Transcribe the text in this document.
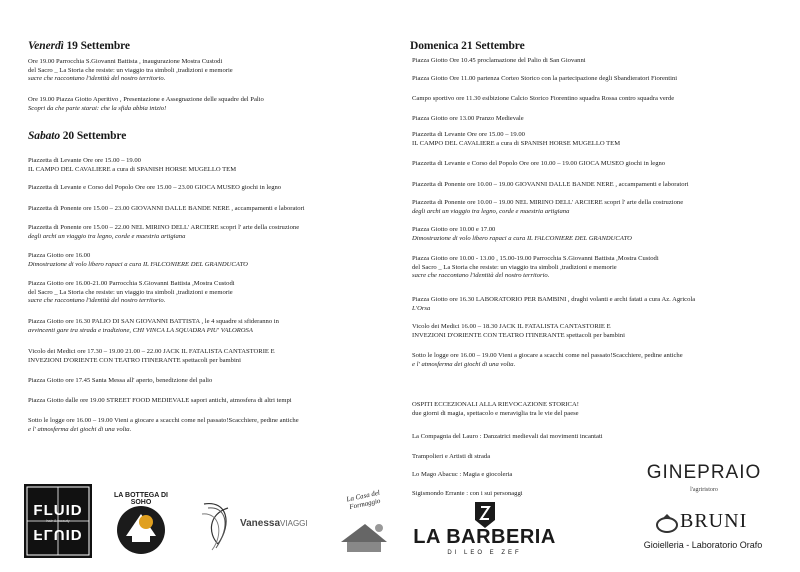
Venerdì 19 Settembre
Ore 19.00 Parrocchia S.Giovanni Battista , inaugurazione Mostra Custodi
del Sacro _ La Storia che resiste: un viaggio tra simboli ,tradizioni e memorie
sacre che raccontano l'identità del nostro territorio.
Ore 19.00 Piazza Giotto Aperitivo , Presentazione e Assegnazione delle squadre del Palio
Scopri da che parte starai: che la sfida abbia inizio!
Sabato 20 Settembre
Piazzetta di Levante Ore ore 15.00 – 19.00
IL CAMPO DEL CAVALIERE a cura di SPANISH HORSE MUGELLO TEM
Piazzetta di Levante e Corso del Popolo Ore ore 15.00 – 23.00 GIOCA MUSEO giochi in legno
Piazzetta di Ponente ore 15.00 – 23.00 GIOVANNI DALLE BANDE NERE , accampamenti e laboratori
Piazzetta di Ponente ore 15.00 – 22.00 NEL MIRINO DELL' ARCIERE scopri l' arte della costruzione
degli archi un viaggio tra legno, corde e maestria artigiana
Piazza Giotto ore 16.00
Dimostrazione di volo libero rapaci a cura IL FALCONIERE DEL GRANDUCATO
Piazza Giotto ore 16.00-21.00 Parrocchia S.Giovanni Battista ,Mostra Custodi
del Sacro _ La Storia che resiste: un viaggio tra simboli ,tradizioni e memorie
sacre che raccontano l'identità del nostro territorio.
Piazza Giotto ore 16.30 PALIO DI SAN GIOVANNI BATTISTA , le 4 squadre si sfideranno in
avvincenti gare tra strada e tradizione, CHI VINCA LA SQUADRA PIU' VALOROSA
Vicolo dei Medici ore 17.30 – 19.00 21.00 – 22.00 JACK IL FATALISTA CANTASTORIE E
INVEZIONI D'ORIENTE CON TEATRO ITINERANTE spettacoli per bambini
Piazza Giotto ore 17.45 Santa Messa all' aperto, benedizione del palio
Piazza Giotto dalle ore 19.00 STREET FOOD MEDIEVALE sapori antichi, atmosfera di altri tempi
Sotto le logge ore 16.00 – 19.00 Vieni a giocare a scacchi come nel passato!Scacchiere, pedine antiche
e l' atmosferma dei giochi di una volta.
Domenica 21 Settembre
Piazza Giotto Ore 10.45 proclamazione del Palio di San Giovanni
Piazza Giotto Ore 11.00 partenza Corteo Storico con la partecipazione degli Sbandieratori Fiorentini
Campo sportivo ore 11.30 esibizione Calcio Storico Fiorentino squadra Rossa contro squadra verde
Piazza Giotto ore 13.00 Pranzo Medievale
Piazzetta di Levante Ore ore 15.00 – 19.00
IL CAMPO DEL CAVALIERE a cura di SPANISH HORSE MUGELLO TEM
Piazzetta di Levante e Corso del Popolo Ore ore 10.00 – 19.00 GIOCA MUSEO giochi in legno
Piazzetta di Ponente ore 10.00 – 19.00 GIOVANNI DALLE BANDE NERE , accampamenti e laboratori
Piazzetta di Ponente ore 10.00 – 19.00 NEL MIRINO DELL' ARCIERE scopri l' arte della costruzione
degli archi un viaggio tra legno, corde e maestria artigiana
Piazza Giotto ore 10.00 e 17.00
Dimostrazione di volo libero rapaci a cura IL FALCONIERE DEL GRANDUCATO
Piazza Giotto ore 10.00 - 13.00 , 15.00-19.00 Parrocchia S.Giovanni Battista ,Mostra Custodi
del Sacro _ La Storia che resiste: un viaggio tra simboli ,tradizioni e memorie
sacre che raccontano l'identità del nostro territorio.
Piazza Giotto ore 16.30 LABORATORIO PER BAMBINI , draghi volanti e archi fatati a cura Az. Agricola
L'Orsa
Vicolo dei Medici 16.00 – 18.30 JACK IL FATALISTA CANTASTORIE E
INVEZIONI D'ORIENTE CON TEATRO ITINERANTE spettacoli per bambini
Sotto le logge ore 16.00 – 19.00 Vieni a giocare a scacchi come nel passato!Scacchiere, pedine antiche
e l' atmosferma dei giochi di una volta.
OSPITI ECCEZIONALI ALLA RIEVOCAZIONE STORICA!
due giorni di magia, spettacolo e meraviglia tra le vie del paese
La Compagnia del Lauro : Danzatrici medievali dai movimenti incantati
Trampolieri e Artisti di strada
Lo Mago Abacuc : Magia e giocoleria
Sigismondo Errante : con i sui personaggi
FLUID
FLUID
hair & beauty
LA BOTTEGA DI SOHO
VanessaVIAGGI
La Casa del Formaggio
LA BARBERIA
DI LEO E ZEF
GINEPRAIO
l'agriristoro
BRUNI
Gioielleria - Laboratorio Orafo
